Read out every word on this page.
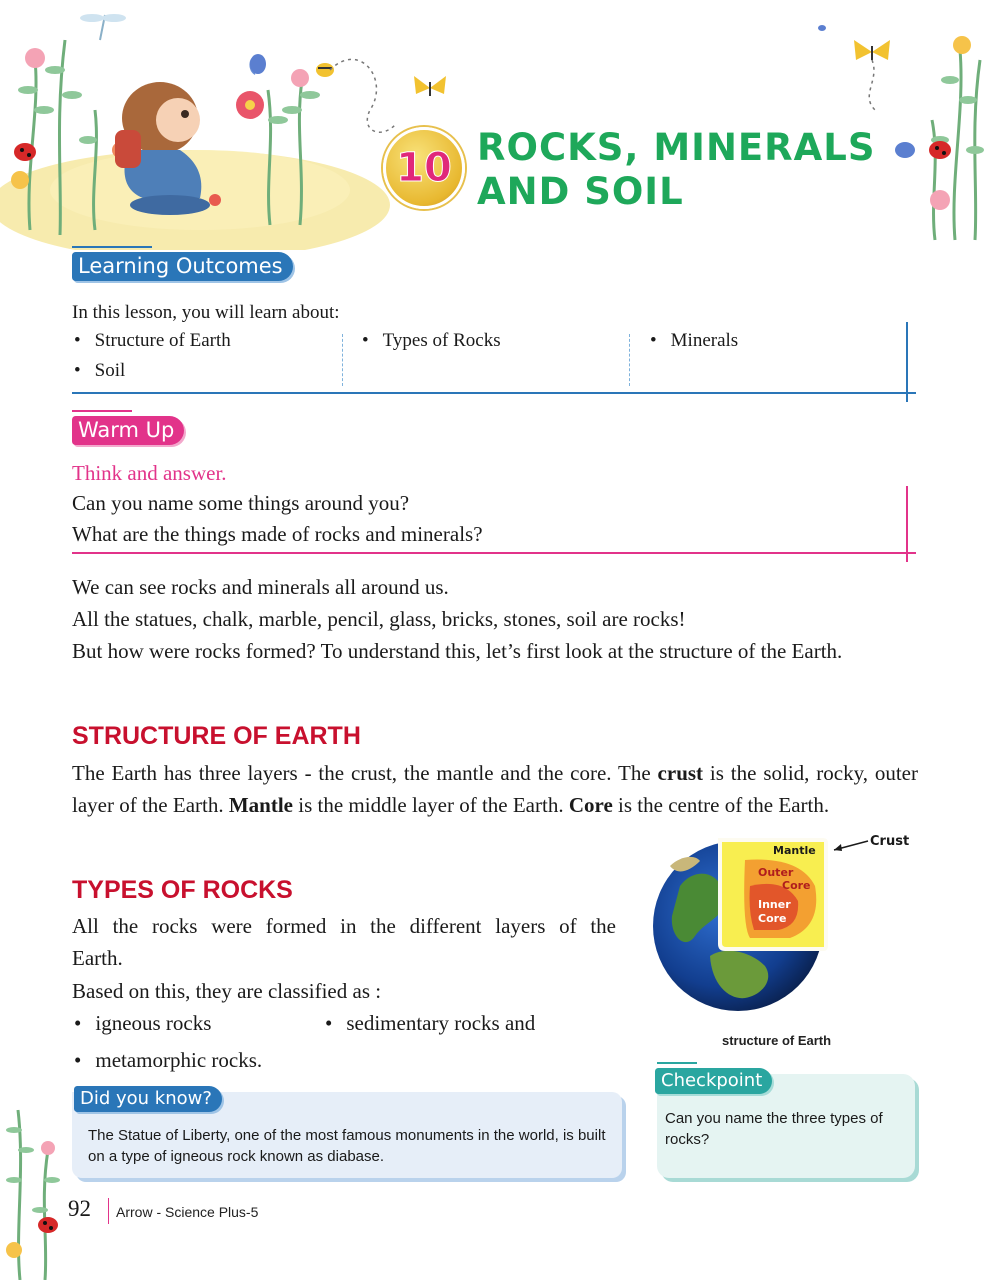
10 ROCKS, MINERALS
AND SOIL
Learning Outcomes
In this lesson, you will learn about:
• Structure of Earth	• Types of Rocks	• Minerals
• Soil
Warm Up
Think and answer.
Can you name some things around you?
What are the things made of rocks and minerals?
We can see rocks and minerals all around us.
All the statues, chalk, marble, pencil, glass, bricks, stones, soil are rocks!
But how were rocks formed? To understand this, let’s first look at the structure of the Earth.
STRUCTURE OF EARTH
The Earth has three layers - the crust, the mantle and the core. The crust is the solid, rocky, outer layer of the Earth. Mantle is the middle layer of the Earth. Core is the centre of the Earth.
Mantle
Outer
Core
Inner
Core
Crust
structure of Earth
TYPES OF ROCKS
All the rocks were formed in the different layers of the Earth.
Based on this, they are classified as :
• igneous rocks	• sedimentary rocks and
• metamorphic rocks.
Did you know?
The Statue of Liberty, one of the most famous monuments in the world, is built on a type of igneous rock known as diabase.
Checkpoint
Can you name the three types of rocks?
92 Arrow - Science Plus-5
